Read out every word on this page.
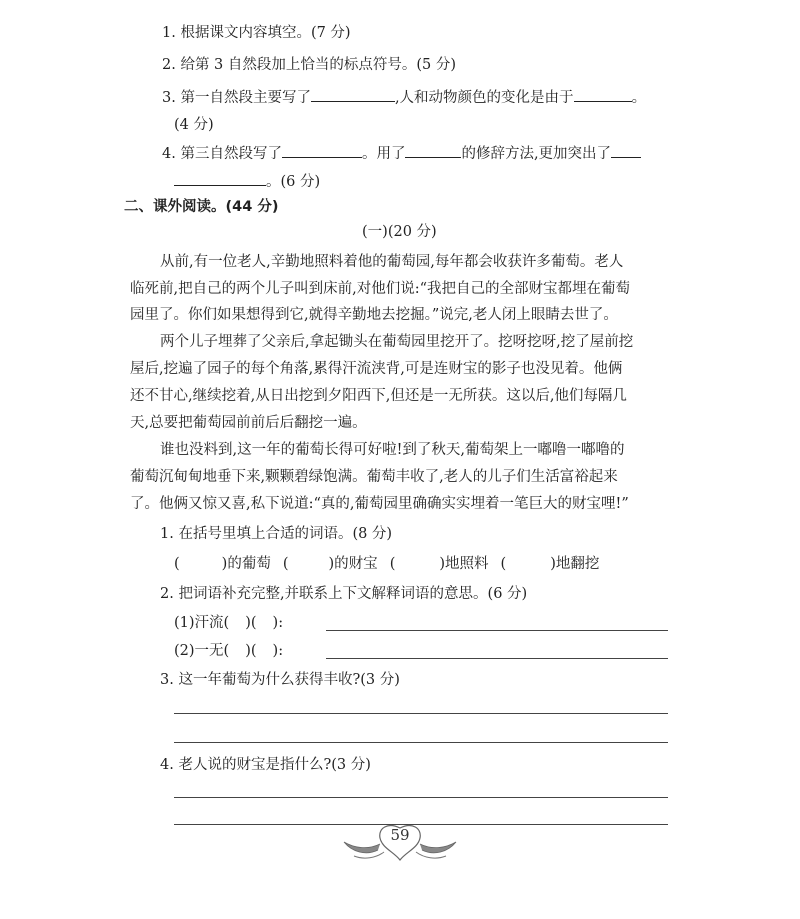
1. 根据课文内容填空。(7 分)
2. 给第 3 自然段加上恰当的标点符号。(5 分)
3. 第一自然段主要写了	,人和动物颜色的变化是由于	。
(4 分)
4. 第三自然段写了	。用了	的修辞方法,更加突出了
。(6 分)
二、课外阅读。(44 分)
(一)(20 分)
从前,有一位老人,辛勤地照料着他的葡萄园,每年都会收获许多葡萄。老人
临死前,把自己的两个儿子叫到床前,对他们说:“我把自己的全部财宝都埋在葡萄
园里了。你们如果想得到它,就得辛勤地去挖掘。”说完,老人闭上眼睛去世了。
两个儿子埋葬了父亲后,拿起锄头在葡萄园里挖开了。挖呀挖呀,挖了屋前挖
屋后,挖遍了园子的每个角落,累得汗流浃背,可是连财宝的影子也没见着。他俩
还不甘心,继续挖着,从日出挖到夕阳西下,但还是一无所获。这以后,他们每隔几
天,总要把葡萄园前前后后翻挖一遍。
谁也没料到,这一年的葡萄长得可好啦!到了秋天,葡萄架上一嘟噜一嘟噜的
葡萄沉甸甸地垂下来,颗颗碧绿饱满。葡萄丰收了,老人的儿子们生活富裕起来
了。他俩又惊又喜,私下说道:“真的,葡萄园里确确实实埋着一笔巨大的财宝哩!”
1. 在括号里填上合适的词语。(8 分)
(	)的葡萄 (	)的财宝 (	)地照料 (	)地翻挖
2. 把词语补充完整,并联系上下文解释词语的意思。(6 分)
(1)汗流( )( ):
(2)一无( )( ):
3. 这一年葡萄为什么获得丰收?(3 分)
4. 老人说的财宝是指什么?(3 分)
59
